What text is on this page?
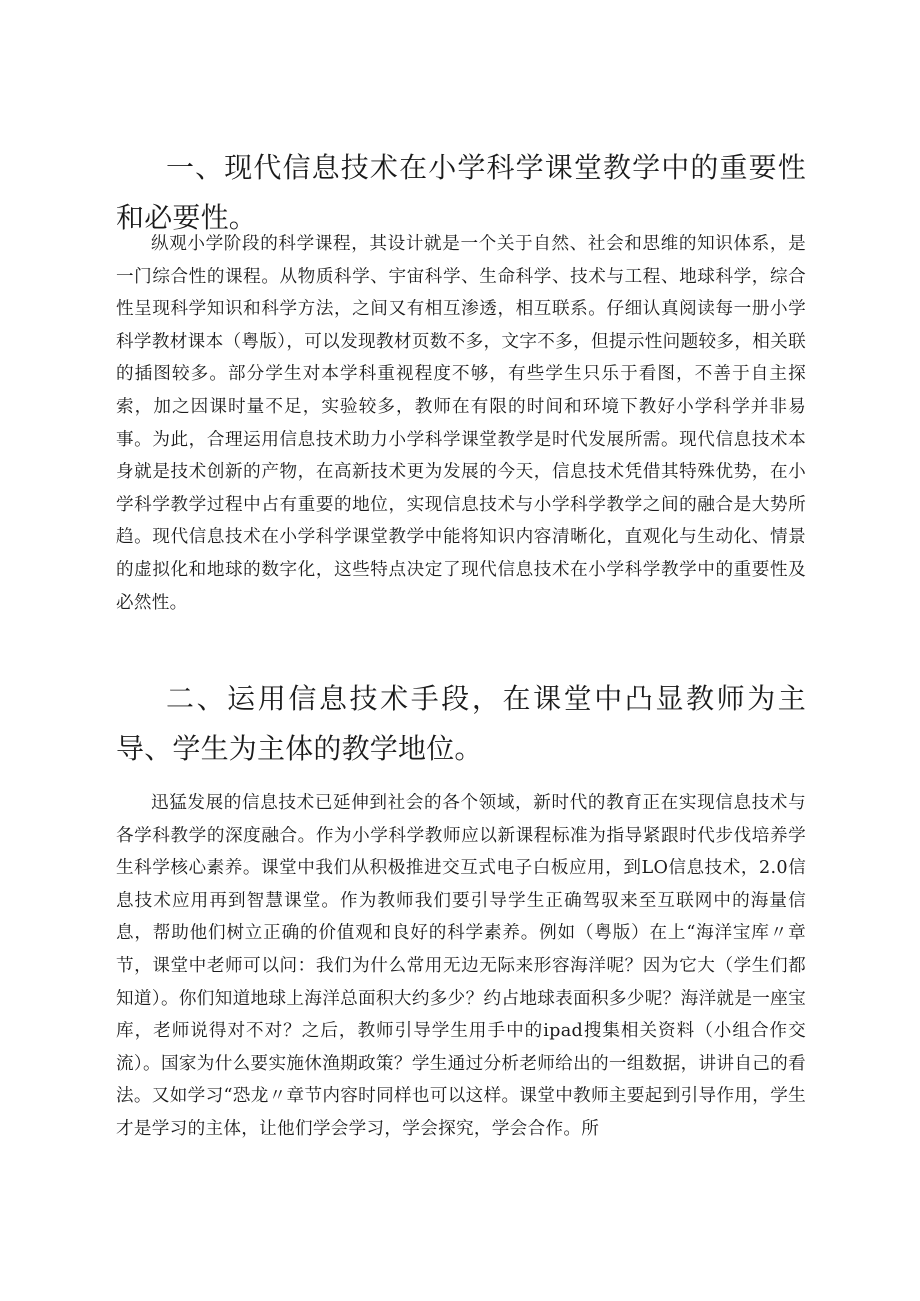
一、现代信息技术在小学科学课堂教学中的重要性和必要性。

纵观小学阶段的科学课程，其设计就是一个关于自然、社会和思维的知识体系，是一门综合性的课程。从物质科学、宇宙科学、生命科学、技术与工程、地球科学，综合性呈现科学知识和科学方法，之间又有相互渗透，相互联系。仔细认真阅读每一册小学科学教材课本（粤版），可以发现教材页数不多，文字不多，但提示性问题较多，相关联的插图较多。部分学生对本学科重视程度不够，有些学生只乐于看图，不善于自主探索，加之因课时量不足，实验较多，教师在有限的时间和环境下教好小学科学并非易事。为此，合理运用信息技术助力小学科学课堂教学是时代发展所需。现代信息技术本身就是技术创新的产物，在高新技术更为发展的今天，信息技术凭借其特殊优势，在小学科学教学过程中占有重要的地位，实现信息技术与小学科学教学之间的融合是大势所趋。现代信息技术在小学科学课堂教学中能将知识内容清晰化，直观化与生动化、情景的虚拟化和地球的数字化，这些特点决定了现代信息技术在小学科学教学中的重要性及必然性。

二、运用信息技术手段，在课堂中凸显教师为主导、学生为主体的教学地位。

迅猛发展的信息技术已延伸到社会的各个领域，新时代的教育正在实现信息技术与各学科教学的深度融合。作为小学科学教师应以新课程标准为指导紧跟时代步伐培养学生科学核心素养。课堂中我们从积极推进交互式电子白板应用，到LO信息技术，2.0信息技术应用再到智慧课堂。作为教师我们要引导学生正确驾驭来至互联网中的海量信息，帮助他们树立正确的价值观和良好的科学素养。例如（粤版）在上“海洋宝库〃章节，课堂中老师可以问：我们为什么常用无边无际来形容海洋呢？因为它大（学生们都知道）。你们知道地球上海洋总面积大约多少？约占地球表面积多少呢？海洋就是一座宝库，老师说得对不对？之后，教师引导学生用手中的ipad搜集相关资料（小组合作交流）。国家为什么要实施休渔期政策？学生通过分析老师给出的一组数据，讲讲自己的看法。又如学习“恐龙〃章节内容时同样也可以这样。课堂中教师主要起到引导作用，学生才是学习的主体，让他们学会学习，学会探究，学会合作。所
